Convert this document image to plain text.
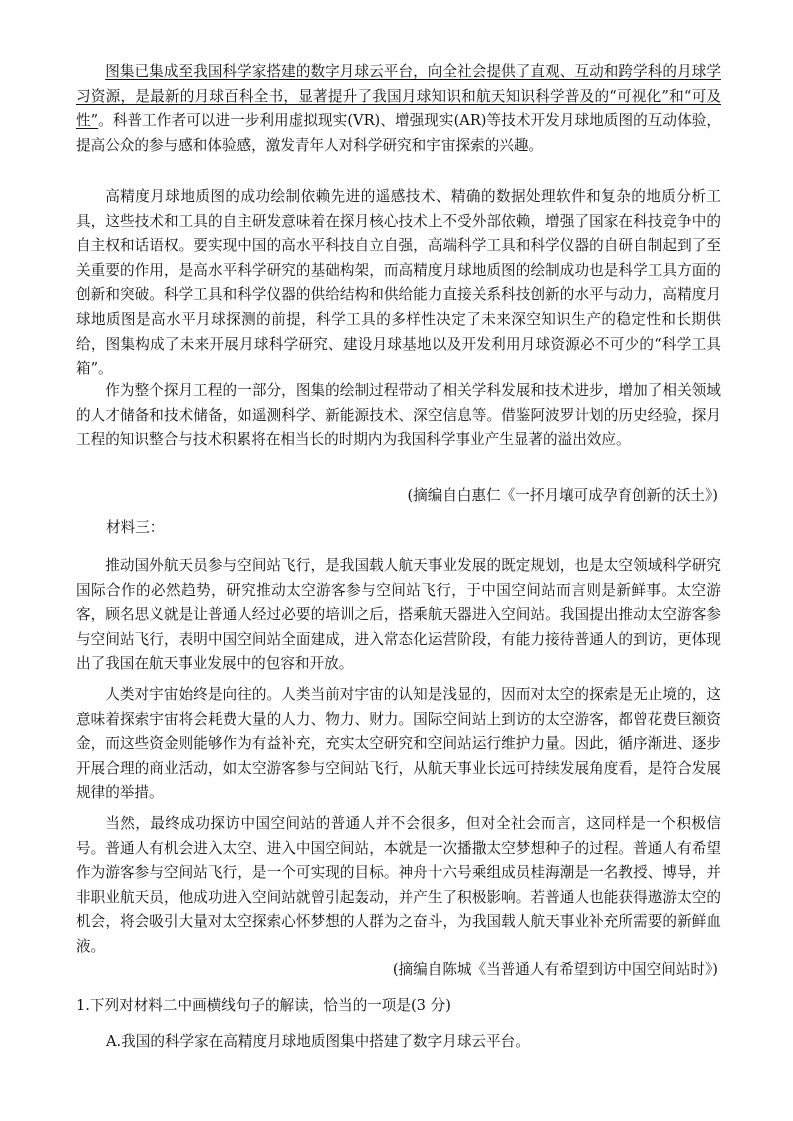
图集已集成至我国科学家搭建的数字月球云平台，向全社会提供了直观、互动和跨学科的月球学习资源，是最新的月球百科全书，显著提升了我国月球知识和航天知识科学普及的“可视化”和“可及性”。科普工作者可以进一步利用虚拟现实(VR)、增强现实(AR)等技术开发月球地质图的互动体验，提高公众的参与感和体验感，激发青年人对科学研究和宇宙探索的兴趣。

高精度月球地质图的成功绘制依赖先进的遥感技术、精确的数据处理软件和复杂的地质分析工具，这些技术和工具的自主研发意味着在探月核心技术上不受外部依赖，增强了国家在科技竞争中的自主权和话语权。要实现中国的高水平科技自立自强，高端科学工具和科学仪器的自研自制起到了至关重要的作用，是高水平科学研究的基础构架，而高精度月球地质图的绘制成功也是科学工具方面的创新和突破。科学工具和科学仪器的供给结构和供给能力直接关系科技创新的水平与动力，高精度月球地质图是高水平月球探测的前提，科学工具的多样性决定了未来深空知识生产的稳定性和长期供给，图集构成了未来开展月球科学研究、建设月球基地以及开发利用月球资源必不可少的“科学工具箱”。

作为整个探月工程的一部分，图集的绘制过程带动了相关学科发展和技术进步，增加了相关领域的人才储备和技术储备，如遥测科学、新能源技术、深空信息等。借鉴阿波罗计划的历史经验，探月工程的知识整合与技术积累将在相当长的时期内为我国科学事业产生显著的溢出效应。

(摘编自白惠仁《一抔月壤可成孕育创新的沃土》)

材料三：

推动国外航天员参与空间站飞行，是我国载人航天事业发展的既定规划，也是太空领域科学研究国际合作的必然趋势，研究推动太空游客参与空间站飞行，于中国空间站而言则是新鲜事。太空游客，顾名思义就是让普通人经过必要的培训之后，搭乘航天器进入空间站。我国提出推动太空游客参与空间站飞行，表明中国空间站全面建成，进入常态化运营阶段，有能力接待普通人的到访，更体现出了我国在航天事业发展中的包容和开放。

人类对宇宙始终是向往的。人类当前对宇宙的认知是浅显的，因而对太空的探索是无止境的，这意味着探索宇宙将会耗费大量的人力、物力、财力。国际空间站上到访的太空游客，都曾花费巨额资金，而这些资金则能够作为有益补充，充实太空研究和空间站运行维护力量。因此，循序渐进、逐步开展合理的商业活动，如太空游客参与空间站飞行，从航天事业长远可持续发展角度看，是符合发展规律的举措。

当然，最终成功探访中国空间站的普通人并不会很多，但对全社会而言，这同样是一个积极信号。普通人有机会进入太空、进入中国空间站，本就是一次播撒太空梦想种子的过程。普通人有希望作为游客参与空间站飞行，是一个可实现的目标。神舟十六号乘组成员桂海潮是一名教授、博导，并非职业航天员，他成功进入空间站就曾引起轰动，并产生了积极影响。若普通人也能获得遨游太空的机会，将会吸引大量对太空探索心怀梦想的人群为之奋斗，为我国载人航天事业补充所需要的新鲜血液。

(摘编自陈城《当普通人有希望到访中国空间站时》)

1.下列对材料二中画横线句子的解读，恰当的一项是(3 分)

A.我国的科学家在高精度月球地质图集中搭建了数字月球云平台。
